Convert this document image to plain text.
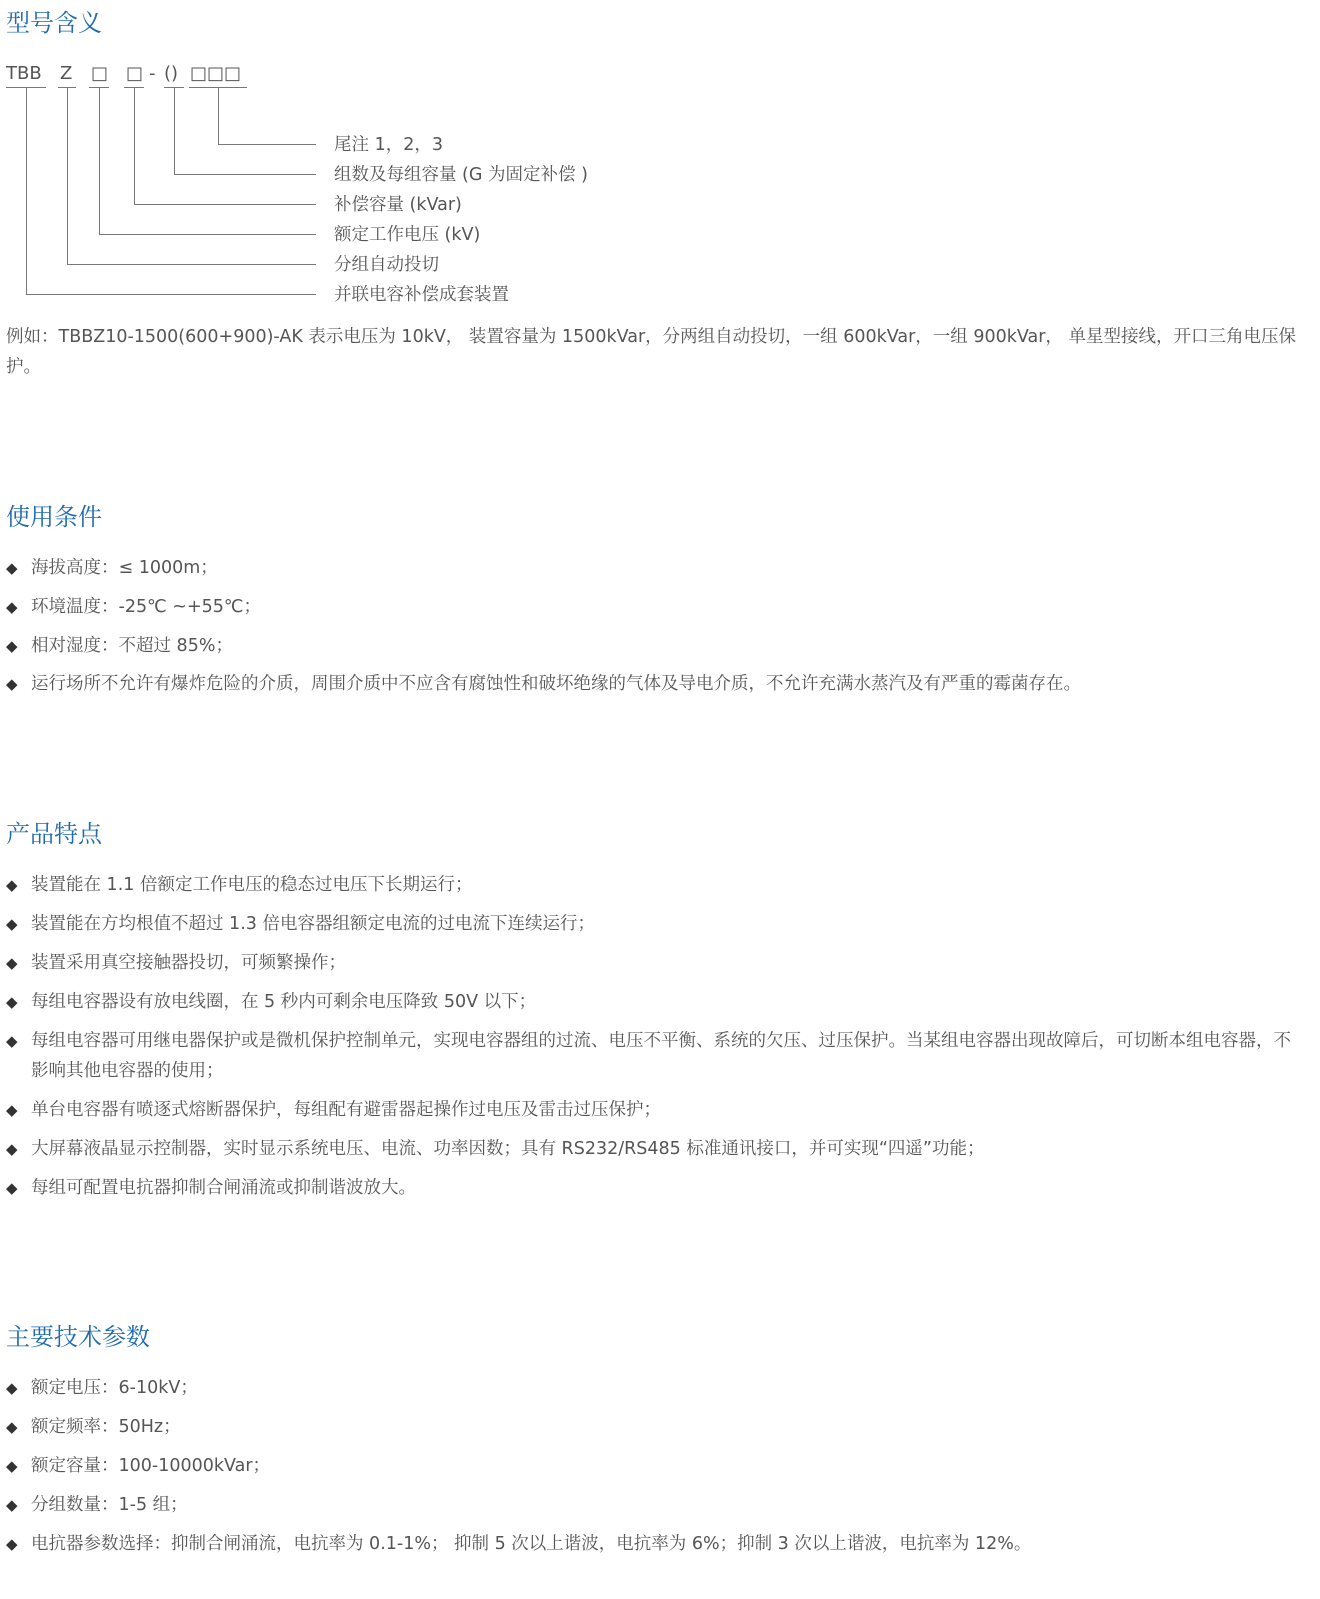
型号含义
TBB Z □ □ - () □□□
尾注 1，2，3
组数及每组容量 (G 为固定补偿 )
补偿容量 (kVar)
额定工作电压 (kV)
分组自动投切
并联电容补偿成套装置
例如：TBBZ10-1500(600+900)-AK 表示电压为 10kV， 装置容量为 1500kVar，分两组自动投切，一组 600kVar，一组 900kVar， 单星型接线，开口三角电压保护。
使用条件
◆ 海拔高度：≤ 1000m；
◆ 环境温度：-25℃ ~+55℃；
◆ 相对湿度：不超过 85%；
◆ 运行场所不允许有爆炸危险的介质，周围介质中不应含有腐蚀性和破坏绝缘的气体及导电介质，不允许充满水蒸汽及有严重的霉菌存在。
产品特点
◆ 装置能在 1.1 倍额定工作电压的稳态过电压下长期运行；
◆ 装置能在方均根值不超过 1.3 倍电容器组额定电流的过电流下连续运行；
◆ 装置采用真空接触器投切，可频繁操作；
◆ 每组电容器设有放电线圈，在 5 秒内可剩余电压降致 50V 以下；
◆ 每组电容器可用继电器保护或是微机保护控制单元，实现电容器组的过流、电压不平衡、系统的欠压、过压保护。当某组电容器出现故障后，可切断本组电容器，不影响其他电容器的使用；
◆ 单台电容器有喷逐式熔断器保护，每组配有避雷器起操作过电压及雷击过压保护；
◆ 大屏幕液晶显示控制器，实时显示系统电压、电流、功率因数；具有 RS232/RS485 标准通讯接口，并可实现“四遥”功能；
◆ 每组可配置电抗器抑制合闸涌流或抑制谐波放大。
主要技术参数
◆ 额定电压：6-10kV；
◆ 额定频率：50Hz；
◆ 额定容量：100-10000kVar；
◆ 分组数量：1-5 组；
◆ 电抗器参数选择：抑制合闸涌流，电抗率为 0.1-1%； 抑制 5 次以上谐波，电抗率为 6%；抑制 3 次以上谐波，电抗率为 12%。
